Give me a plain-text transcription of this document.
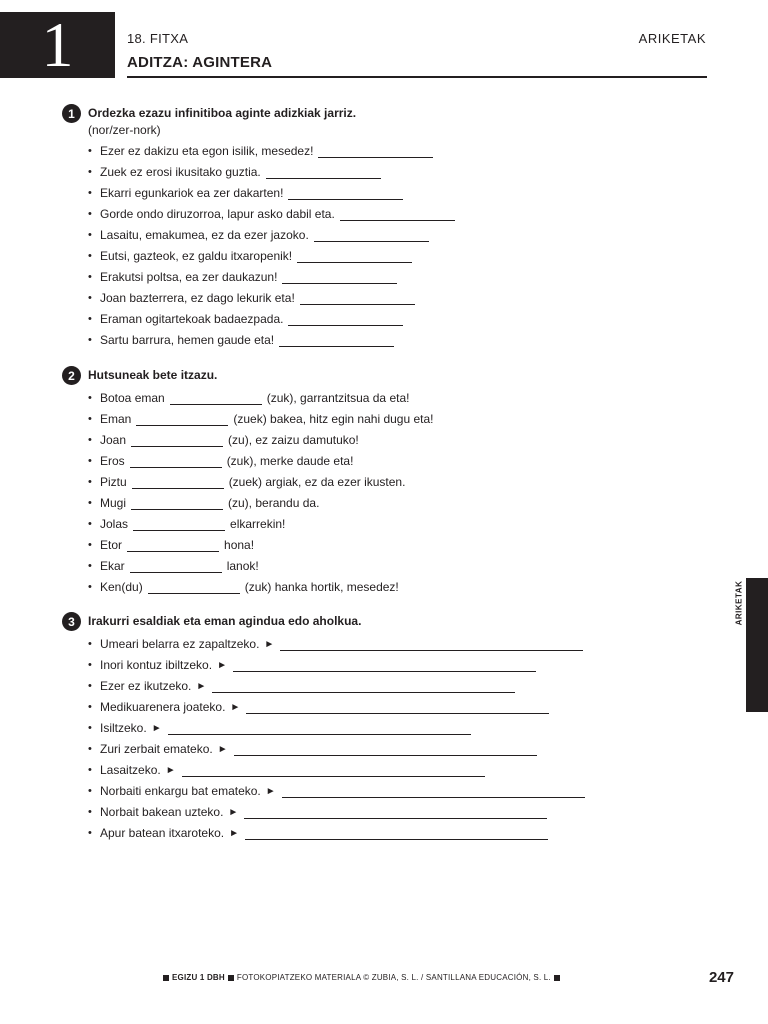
1	18. FITXA	ARIKETAK
ADITZA: AGINTERA
1	Ordezka ezazu infinitiboa aginte adizkiak jarriz.
(nor/zer-nork)
• Ezer ez dakizu eta egon isilik, mesedez!
• Zuek ez erosi ikusitako guztia.
• Ekarri egunkariok ea zer dakarten!
• Gorde ondo diruzorroa, lapur asko dabil eta.
• Lasaitu, emakumea, ez da ezer jazoko.
• Eutsi, gazteok, ez galdu itxaropenik!
• Erakutsi poltsa, ea zer daukazun!
• Joan bazterrera, ez dago lekurik eta!
• Eraman ogitartekoak badaezpada.
• Sartu barrura, hemen gaude eta!
2	Hutsuneak bete itzazu.
• Botoa eman	(zuk), garrantzitsua da eta!
• Eman	(zuek) bakea, hitz egin nahi dugu eta!
• Joan	(zu), ez zaizu damutuko!
• Eros	(zuk), merke daude eta!
• Piztu	(zuek) argiak, ez da ezer ikusten.
• Mugi	(zu), berandu da.
• Jolas	elkarrekin!
• Etor	hona!
• Ekar	lanok!
• Ken(du)	(zuk) hanka hortik, mesedez!
3	Irakurri esaldiak eta eman agindua edo aholkua.
• Umeari belarra ez zapaltzeko. ►
• Inori kontuz ibiltzeko. ►
• Ezer ez ikutzeko. ►
• Medikuarenera joateko. ►
• Isiltzeko. ►
• Zuri zerbait emateko. ►
• Lasaitzeko. ►
• Norbaiti enkargu bat emateko. ►
• Norbait bakean uzteko. ►
• Apur batean itxaroteko. ►
ARIKETAK
EGIZU 1 DBH FOTOKOPIATZEKO MATERIALA © ZUBIA, S. L. / SANTILLANA EDUCACIÓN, S. L.	247
